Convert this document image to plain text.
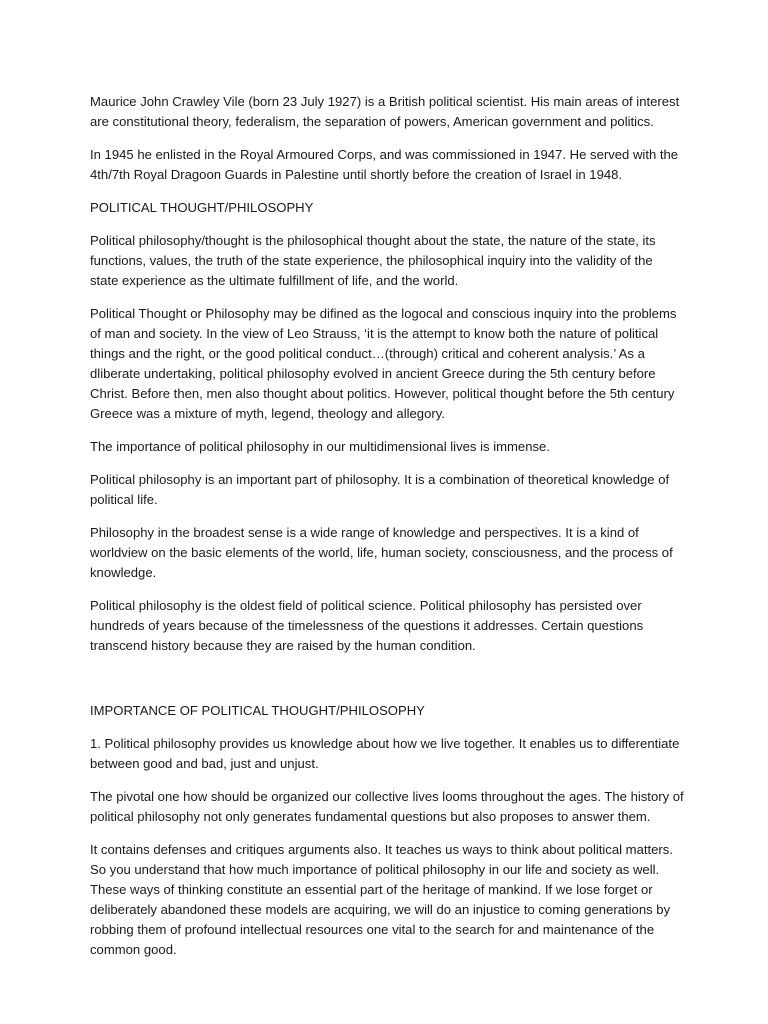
Maurice John Crawley Vile (born 23 July 1927) is a British political scientist. His main areas of interest are constitutional theory, federalism, the separation of powers, American government and politics.

In 1945 he enlisted in the Royal Armoured Corps, and was commissioned in 1947. He served with the 4th/7th Royal Dragoon Guards in Palestine until shortly before the creation of Israel in 1948.

POLITICAL THOUGHT/PHILOSOPHY

Political philosophy/thought is the philosophical thought about the state, the nature of the state, its functions, values, the truth of the state experience, the philosophical inquiry into the validity of the state experience as the ultimate fulfillment of life, and the world.

Political Thought or Philosophy may be difined as the logocal and conscious inquiry into the problems of man and society. In the view of Leo Strauss, ‘it is the attempt to know both the nature of political things and the right, or the good political conduct…(through) critical and coherent analysis.’ As a dliberate undertaking, political philosophy evolved in ancient Greece during the 5th century before Christ. Before then, men also thought about politics. However, political thought before the 5th century Greece was a mixture of myth, legend, theology and allegory.

The importance of political philosophy in our multidimensional lives is immense.

Political philosophy is an important part of philosophy. It is a combination of theoretical knowledge of political life.

Philosophy in the broadest sense is a wide range of knowledge and perspectives. It is a kind of worldview on the basic elements of the world, life, human society, consciousness, and the process of knowledge.

Political philosophy is the oldest field of political science. Political philosophy has persisted over hundreds of years because of the timelessness of the questions it addresses. Certain questions transcend history because they are raised by the human condition.

IMPORTANCE OF POLITICAL THOUGHT/PHILOSOPHY

1. Political philosophy provides us knowledge about how we live together. It enables us to differentiate between good and bad, just and unjust.

The pivotal one how should be organized our collective lives looms throughout the ages. The history of political philosophy not only generates fundamental questions but also proposes to answer them.

It contains defenses and critiques arguments also. It teaches us ways to think about political matters. So you understand that how much importance of political philosophy in our life and society as well. These ways of thinking constitute an essential part of the heritage of mankind. If we lose forget or deliberately abandoned these models are acquiring, we will do an injustice to coming generations by robbing them of profound intellectual resources one vital to the search for and maintenance of the common good.
